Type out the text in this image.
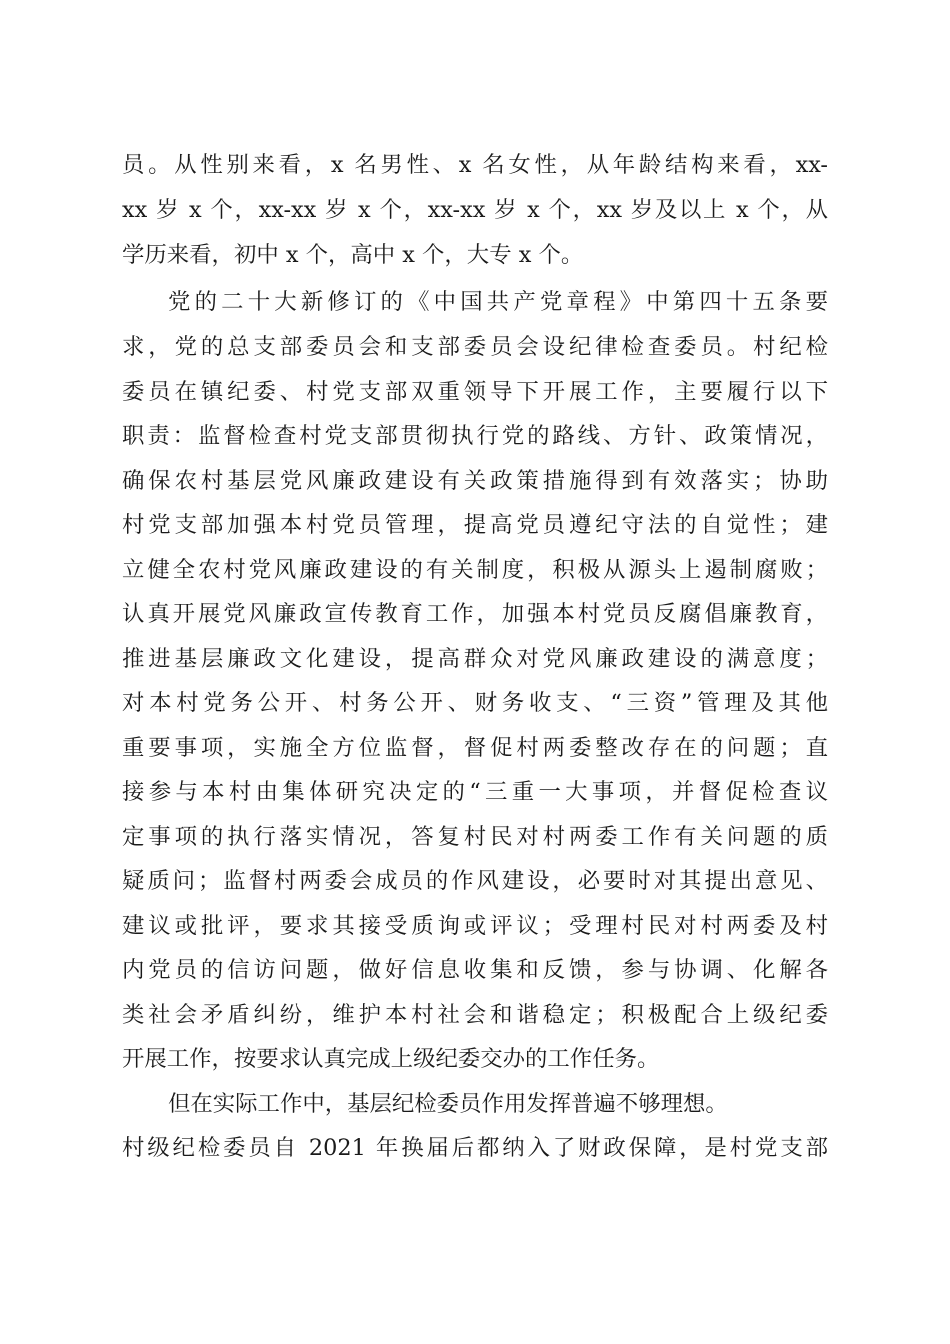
员。从性别来看，x 名男性、x 名女性，从年龄结构来看，xx-
xx 岁 x 个，xx-xx 岁 x 个，xx-xx 岁 x 个，xx 岁及以上 x 个，从
学历来看，初中 x 个，高中 x 个，大专 x 个。
党的二十大新修订的《中国共产党章程》中第四十五条要
求，党的总支部委员会和支部委员会设纪律检查委员。村纪检
委员在镇纪委、村党支部双重领导下开展工作，主要履行以下
职责：监督检查村党支部贯彻执行党的路线、方针、政策情况，
确保农村基层党风廉政建设有关政策措施得到有效落实；协助
村党支部加强本村党员管理，提高党员遵纪守法的自觉性；建
立健全农村党风廉政建设的有关制度，积极从源头上遏制腐败；
认真开展党风廉政宣传教育工作，加强本村党员反腐倡廉教育，
推进基层廉政文化建设，提高群众对党风廉政建设的满意度；
对本村党务公开、村务公开、财务收支、“三资”管理及其他
重要事项，实施全方位监督，督促村两委整改存在的问题；直
接参与本村由集体研究决定的“三重一大事项，并督促检查议
定事项的执行落实情况，答复村民对村两委工作有关问题的质
疑质问；监督村两委会成员的作风建设，必要时对其提出意见、
建议或批评，要求其接受质询或评议；受理村民对村两委及村
内党员的信访问题，做好信息收集和反馈，参与协调、化解各
类社会矛盾纠纷，维护本村社会和谐稳定；积极配合上级纪委
开展工作，按要求认真完成上级纪委交办的工作任务。
但在实际工作中，基层纪检委员作用发挥普遍不够理想。
村级纪检委员自 2021 年换届后都纳入了财政保障，是村党支部
